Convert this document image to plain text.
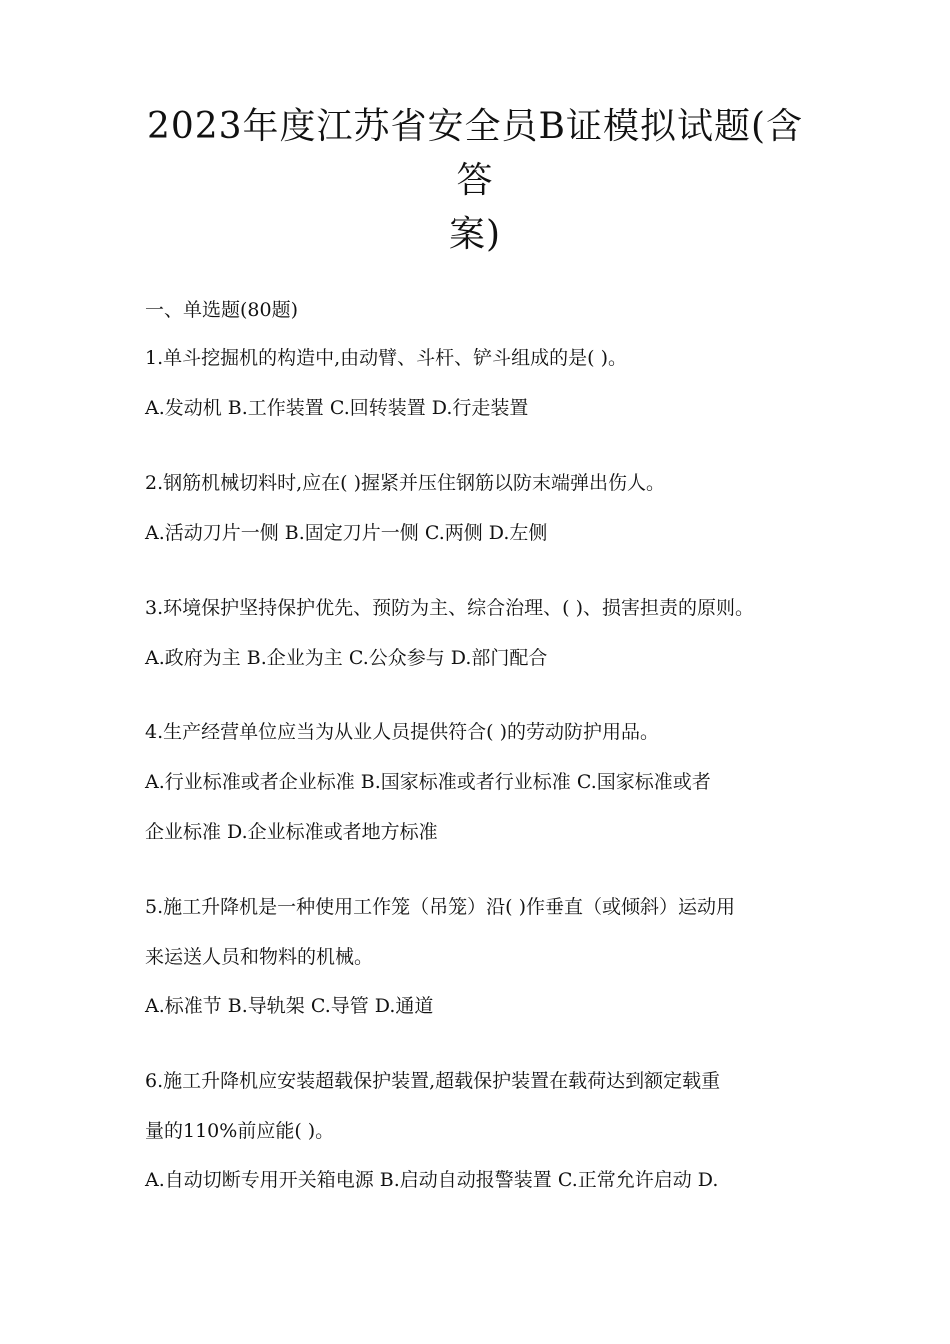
2023年度江苏省安全员B证模拟试题(含答
案)
一、单选题(80题)
1.单斗挖掘机的构造中,由动臂、斗杆、铲斗组成的是( )。
A.发动机 B.工作装置 C.回转装置 D.行走装置
2.钢筋机械切料时,应在( )握紧并压住钢筋以防末端弹出伤人。
A.活动刀片一侧 B.固定刀片一侧 C.两侧 D.左侧
3.环境保护坚持保护优先、预防为主、综合治理、( )、损害担责的原则。
A.政府为主 B.企业为主 C.公众参与 D.部门配合
4.生产经营单位应当为从业人员提供符合( )的劳动防护用品。
A.行业标准或者企业标准 B.国家标准或者行业标准 C.国家标准或者
企业标准 D.企业标准或者地方标准
5.施工升降机是一种使用工作笼（吊笼）沿( )作垂直（或倾斜）运动用
来运送人员和物料的机械。
A.标准节 B.导轨架 C.导管 D.通道
6.施工升降机应安装超载保护装置,超载保护装置在载荷达到额定载重
量的110%前应能( )。
A.自动切断专用开关箱电源 B.启动自动报警装置 C.正常允许启动 D.
